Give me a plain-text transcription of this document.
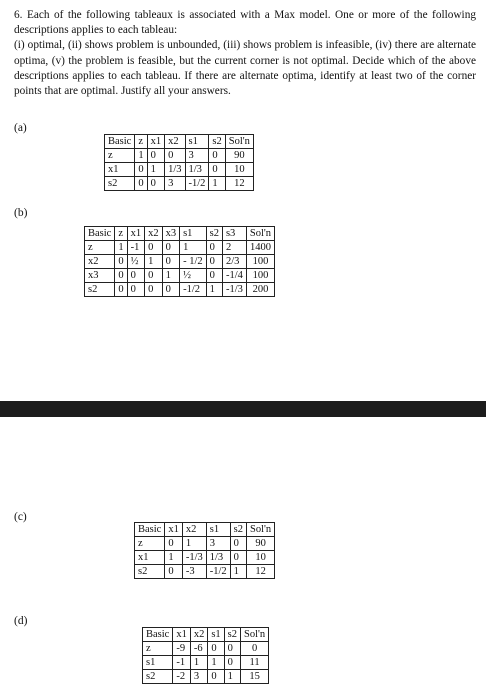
6. Each of the following tableaux is associated with a Max model. One or more of the following descriptions applies to each tableau:

(i) optimal, (ii) shows problem is unbounded, (iii) shows problem is infeasible, (iv) there are alternate optima, (v) the problem is feasible, but the current corner is not optimal. Decide which of the above descriptions applies to each tableau. If there are alternate optima, identify at least two of the corner points that are optimal. Justify all your answers.

(a)
Basic	z	x1	x2	s1	s2	Sol'n
z	1	0	0	3	0	90
x1	0	1	1/3	1/3	0	10
s2	0	0	3	-1/2	1	12
(b)
Basic	z	x1	x2	x3	s1	s2	s3	Sol'n
z	1	-1	0	0	1	0	2	1400
x2	0	½	1	0	- 1/2	0	2/3	100
x3	0	0	0	1	½	0	-1/4	100
s2	0	0	0	0	-1/2	1	-1/3	200
(c)
Basic	x1	x2	s1	s2	Sol'n
z	0	1	3	0	90
x1	1	-1/3	1/3	0	10
s2	0	-3	-1/2	1	12
(d)
Basic	x1	x2	s1	s2	Sol'n
z	-9	-6	0	0	0
s1	-1	1	1	0	11
s2	-2	3	0	1	15
